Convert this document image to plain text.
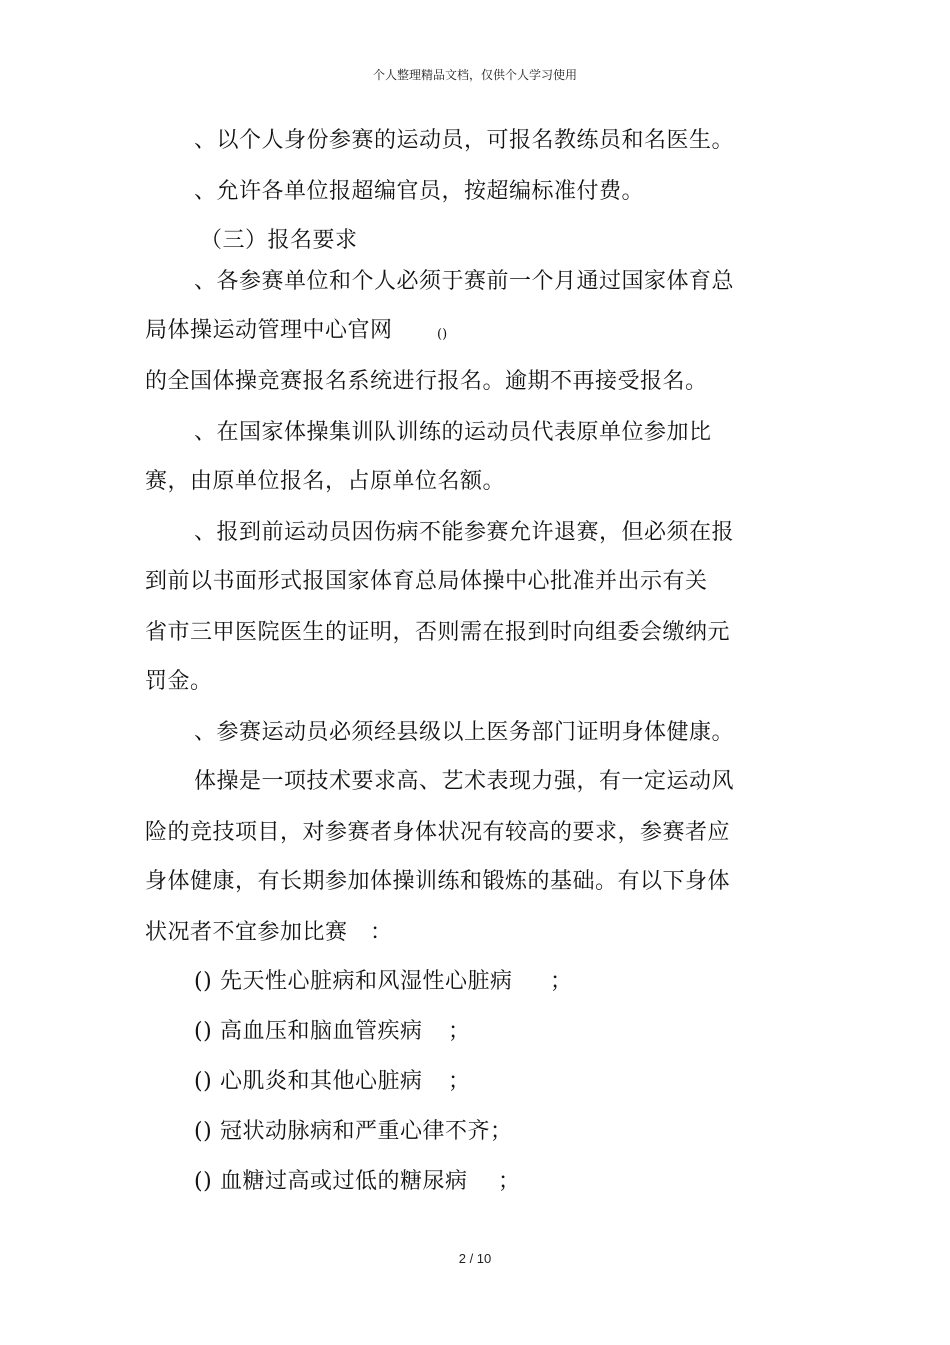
个人整理精品文档，仅供个人学习使用
、以个人身份参赛的运动员，可报名教练员和名医生。
、允许各单位报超编官员，按超编标准付费。
（三）报名要求
、各参赛单位和个人必须于赛前一个月通过国家体育总
局体操运动管理中心官网	()
的全国体操竞赛报名系统进行报名。逾期不再接受报名。
、在国家体操集训队训练的运动员代表原单位参加比
赛，由原单位报名，占原单位名额。
、报到前运动员因伤病不能参赛允许退赛，但必须在报
到前以书面形式报国家体育总局体操中心批准并出示有关
省市三甲医院医生的证明，否则需在报到时向组委会缴纳元
罚金。
、参赛运动员必须经县级以上医务部门证明身体健康。
体操是一项技术要求高、艺术表现力强，有一定运动风
险的竞技项目，对参赛者身体状况有较高的要求，参赛者应
身体健康，有长期参加体操训练和锻炼的基础。有以下身体
状况者不宜参加比赛 ：
() 先天性心脏病和风湿性心脏病 ；
() 高血压和脑血管疾病 ；
() 心肌炎和其他心脏病 ；
() 冠状动脉病和严重心律不齐；
() 血糖过高或过低的糖尿病 ；
2 / 10
